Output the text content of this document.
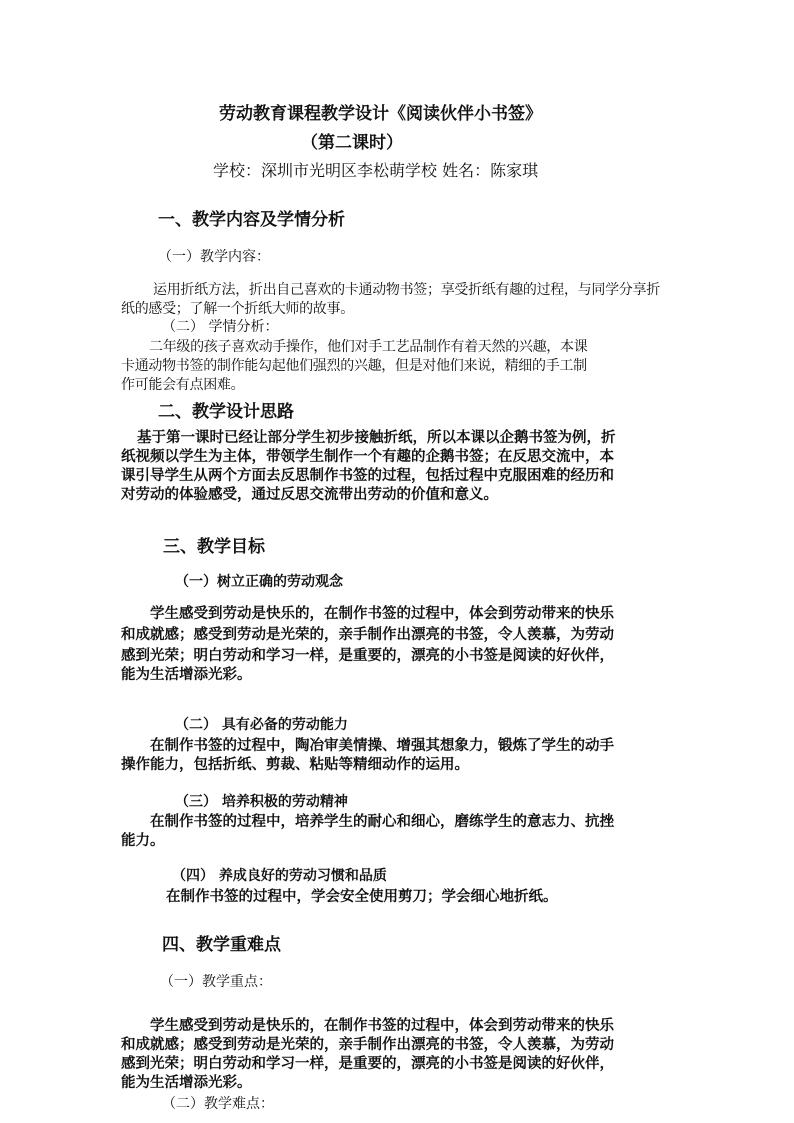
劳动教育课程教学设计《阅读伙伴小书签》
（第二课时）
学校：深圳市光明区李松萌学校 姓名：陈家琪
一、教学内容及学情分析
（一）教学内容：
运用折纸方法，折出自己喜欢的卡通动物书签；享受折纸有趣的过程，与同学分享折
纸的感受；了解一个折纸大师的故事。
（二） 学情分析：
二年级的孩子喜欢动手操作，他们对手工艺品制作有着天然的兴趣，本课
卡通动物书签的制作能勾起他们强烈的兴趣，但是对他们来说，精细的手工制
作可能会有点困难。
二、教学设计思路
基于第一课时已经让部分学生初步接触折纸，所以本课以企鹅书签为例，折
纸视频以学生为主体，带领学生制作一个有趣的企鹅书签；在反思交流中，本
课引导学生从两个方面去反思制作书签的过程，包括过程中克服困难的经历和
对劳动的体验感受，通过反思交流带出劳动的价值和意义。
三、教学目标
（一）树立正确的劳动观念
学生感受到劳动是快乐的，在制作书签的过程中，体会到劳动带来的快乐
和成就感；感受到劳动是光荣的，亲手制作出漂亮的书签，令人羡慕，为劳动
感到光荣；明白劳动和学习一样，是重要的，漂亮的小书签是阅读的好伙伴，
能为生活增添光彩。
（二） 具有必备的劳动能力
在制作书签的过程中，陶冶审美情操、增强其想象力，锻炼了学生的动手
操作能力，包括折纸、剪裁、粘贴等精细动作的运用。
（三） 培养积极的劳动精神
在制作书签的过程中，培养学生的耐心和细心，磨练学生的意志力、抗挫
能力。
（四） 养成良好的劳动习惯和品质
在制作书签的过程中，学会安全使用剪刀；学会细心地折纸。
四、教学重难点
（一）教学重点：
学生感受到劳动是快乐的，在制作书签的过程中，体会到劳动带来的快乐
和成就感；感受到劳动是光荣的，亲手制作出漂亮的书签，令人羡慕，为劳动
感到光荣；明白劳动和学习一样，是重要的，漂亮的小书签是阅读的好伙伴，
能为生活增添光彩。
（二）教学难点：
